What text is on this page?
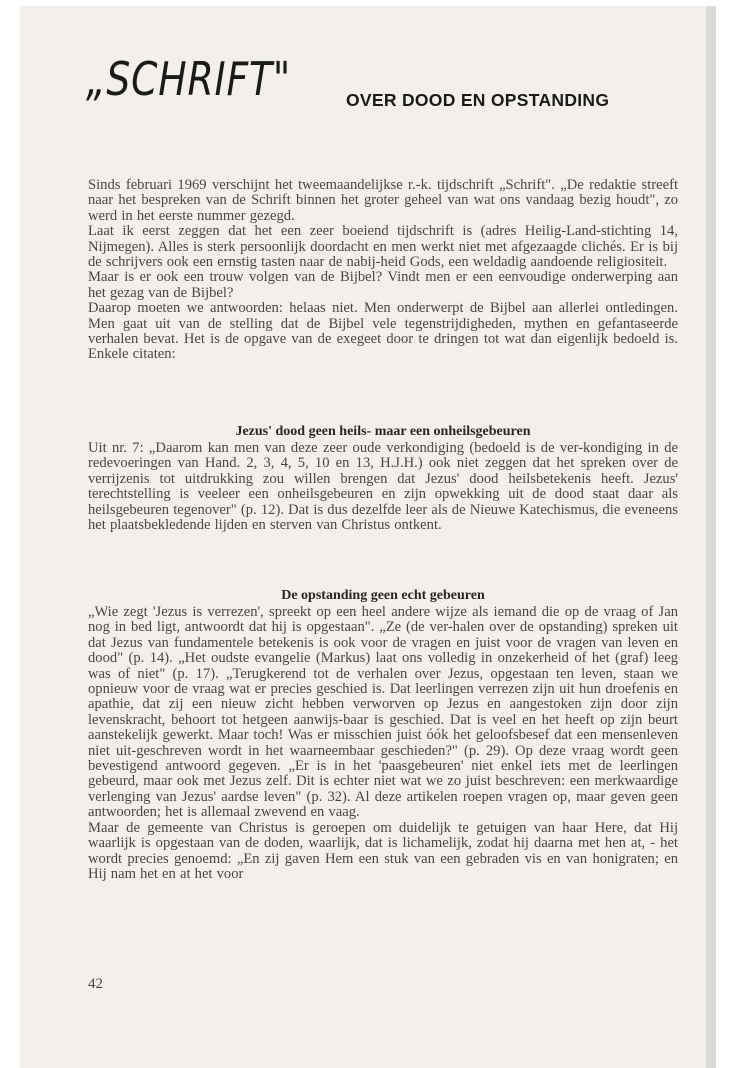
„SCHRIFT"	OVER DOOD EN OPSTANDING

Sinds februari 1969 verschijnt het tweemaandelijkse r.-k. tijdschrift „Schrift". „De redaktie streeft naar het bespreken van de Schrift binnen het groter geheel van wat ons vandaag bezig houdt", zo werd in het eerste nummer gezegd.

Laat ik eerst zeggen dat het een zeer boeiend tijdschrift is (adres Heilig-Land-stichting 14, Nijmegen). Alles is sterk persoonlijk doordacht en men werkt niet met afgezaagde clichés. Er is bij de schrijvers ook een ernstig tasten naar de nabij-heid Gods, een weldadig aandoende religiositeit.

Maar is er ook een trouw volgen van de Bijbel? Vindt men er een eenvoudige onderwerping aan het gezag van de Bijbel?

Daarop moeten we antwoorden: helaas niet. Men onderwerpt de Bijbel aan allerlei ontledingen. Men gaat uit van de stelling dat de Bijbel vele tegenstrijdigheden, mythen en gefantaseerde verhalen bevat. Het is de opgave van de exegeet door te dringen tot wat dan eigenlijk bedoeld is. Enkele citaten:

Jezus' dood geen heils- maar een onheilsgebeuren

Uit nr. 7: „Daarom kan men van deze zeer oude verkondiging (bedoeld is de ver-kondiging in de redevoeringen van Hand. 2, 3, 4, 5, 10 en 13, H.J.H.) ook niet zeggen dat het spreken over de verrijzenis tot uitdrukking zou willen brengen dat Jezus' dood heilsbetekenis heeft. Jezus' terechtstelling is veeleer een onheilsgebeuren en zijn opwekking uit de dood staat daar als heilsgebeuren tegenover" (p. 12). Dat is dus dezelfde leer als de Nieuwe Katechismus, die eveneens het plaatsbekledende lijden en sterven van Christus ontkent.

De opstanding geen echt gebeuren

„Wie zegt 'Jezus is verrezen', spreekt op een heel andere wijze als iemand die op de vraag of Jan nog in bed ligt, antwoordt dat hij is opgestaan". „Ze (de ver-halen over de opstanding) spreken uit dat Jezus van fundamentele betekenis is ook voor de vragen en juist voor de vragen van leven en dood" (p. 14). „Het oudste evangelie (Markus) laat ons volledig in onzekerheid of het (graf) leeg was of niet" (p. 17). „Terugkerend tot de verhalen over Jezus, opgestaan ten leven, staan we opnieuw voor de vraag wat er precies geschied is. Dat leerlingen verrezen zijn uit hun droefenis en apathie, dat zij een nieuw zicht hebben verworven op Jezus en aangestoken zijn door zijn levenskracht, behoort tot hetgeen aanwijs-baar is geschied. Dat is veel en het heeft op zijn beurt aanstekelijk gewerkt. Maar toch! Was er misschien juist óók het geloofsbesef dat een mensenleven niet uit-geschreven wordt in het waarneembaar geschieden?" (p. 29). Op deze vraag wordt geen bevestigend antwoord gegeven. „Er is in het 'paasgebeuren' niet enkel iets met de leerlingen gebeurd, maar ook met Jezus zelf. Dit is echter niet wat we zo juist beschreven: een merkwaardige verlenging van Jezus' aardse leven" (p. 32). Al deze artikelen roepen vragen op, maar geven geen antwoorden; het is allemaal zwevend en vaag.

Maar de gemeente van Christus is geroepen om duidelijk te getuigen van haar Here, dat Hij waarlijk is opgestaan van de doden, waarlijk, dat is lichamelijk, zodat hij daarna met hen at, - het wordt precies genoemd: „En zij gaven Hem een stuk van een gebraden vis en van honigraten; en Hij nam het en at het voor

42
